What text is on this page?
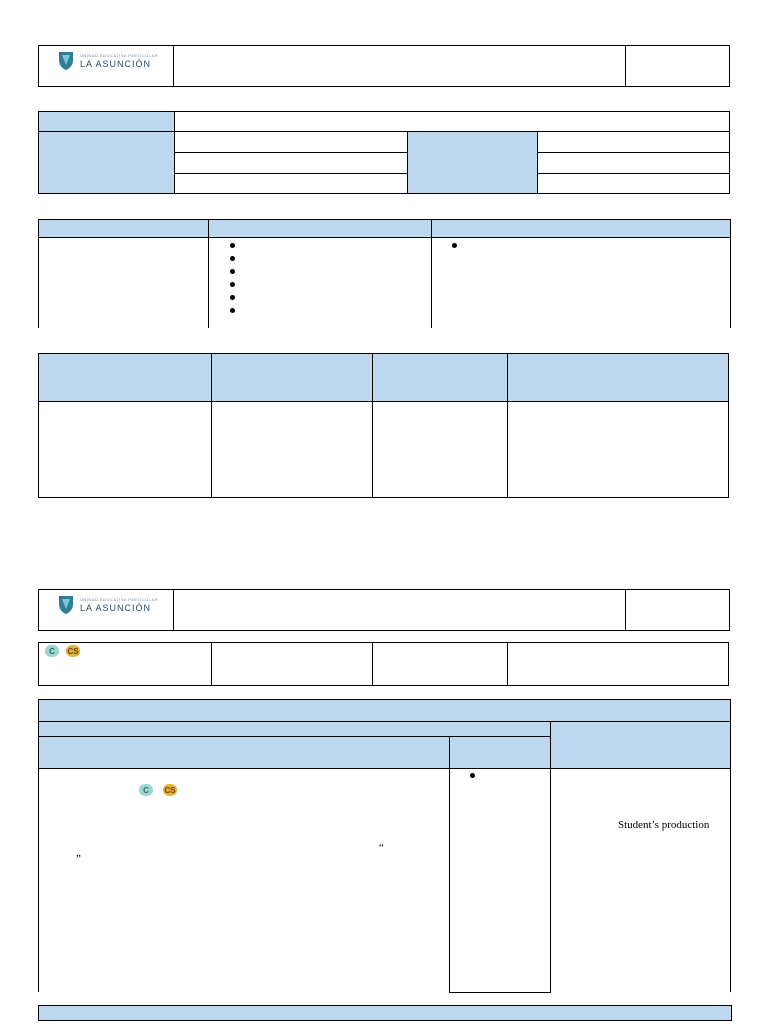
UNIDAD EDUCATIVA PARTICULAR
LA ASUNCIÓN
UNIDAD EDUCATIVA PARTICULAR
LA ASUNCIÓN
C	CS
C	CS
“
”
Student’s production
